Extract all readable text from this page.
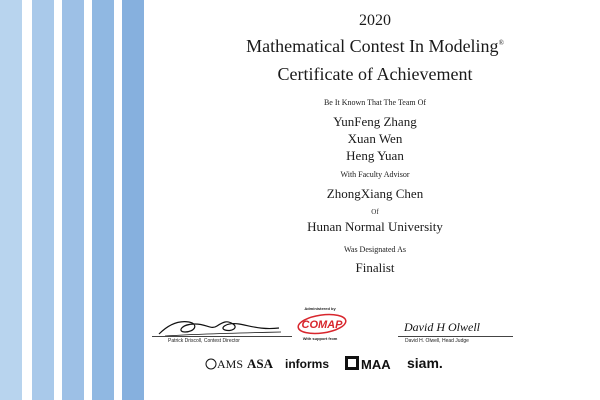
2020
Mathematical Contest In Modeling®
Certificate of Achievement
Be It Known That The Team Of
YunFeng Zhang
Xuan Wen
Heng Yuan
With Faculty Advisor
ZhongXiang Chen
Of
Hunan Normal University
Was Designated As
Finalist
Patrick Driscoll, Contest Director
Administered by
COMAP
With support from
David H Olwell
David H. Olwell, Head Judge
AMS ASA informs MAA siam.
